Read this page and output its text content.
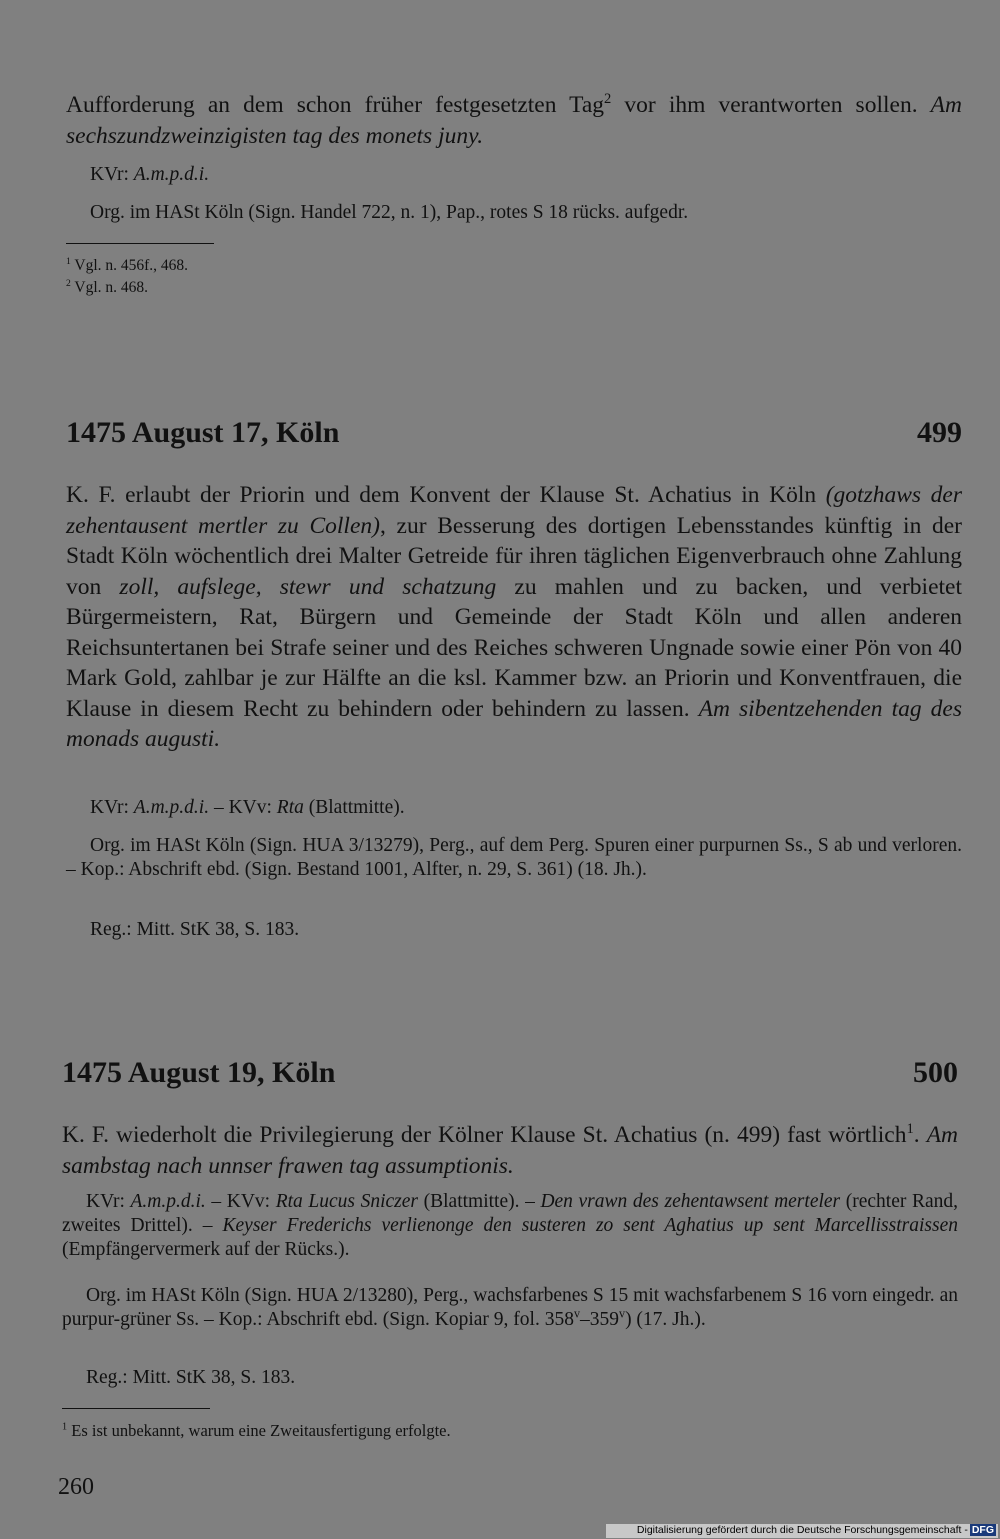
Aufforderung an dem schon früher festgesetzten Tag$^2$ vor ihm verantworten sollen. Am sechszundzweinzigisten tag des monets juny.

KVr: A.m.p.d.i.
Org. im HASt Köln (Sign. Handel 722, n. 1), Pap., rotes S 18 rücks. aufgedr.
$^1$ Vgl. n. 456f., 468.
$^2$ Vgl. n. 468.
1475 August 17, Köln	499

K. F. erlaubt der Priorin und dem Konvent der Klause St. Achatius in Köln (gotzhaws der zehentausent mertler zu Collen), zur Besserung des dortigen Lebensstandes künftig in der Stadt Köln wöchentlich drei Malter Getreide für ihren täglichen Eigenverbrauch ohne Zahlung von zoll, aufslege, stewr und schatzung zu mahlen und zu backen, und verbietet Bürgermeistern, Rat, Bürgern und Gemeinde der Stadt Köln und allen anderen Reichsuntertanen bei Strafe seiner und des Reiches schweren Ungnade sowie einer Pön von 40 Mark Gold, zahlbar je zur Hälfte an die ksl. Kammer bzw. an Priorin und Konventfrauen, die Klause in diesem Recht zu behindern oder behindern zu lassen. Am sibentzehenden tag des monads augusti.

KVr: A.m.p.d.i. – KVv: Rta (Blattmitte).
Org. im HASt Köln (Sign. HUA 3/13279), Perg., auf dem Perg. Spuren einer purpurnen Ss., S ab und verloren. – Kop.: Abschrift ebd. (Sign. Bestand 1001, Alfter, n. 29, S. 361) (18. Jh.).
Reg.: Mitt. StK 38, S. 183.
1475 August 19, Köln	500

K. F. wiederholt die Privilegierung der Kölner Klause St. Achatius (n. 499) fast wörtlich$^1$. Am sambstag nach unnser frawen tag assumptionis.

KVr: A.m.p.d.i. – KVv: Rta Lucus Sniczer (Blattmitte). – Den vrawn des zehentawsent merteler (rechter Rand, zweites Drittel). – Keyser Frederichs verlienonge den susteren zo sent Aghatius up sent Marcellisstraissen (Empfängervermerk auf der Rücks.).
Org. im HASt Köln (Sign. HUA 2/13280), Perg., wachsfarbenes S 15 mit wachsfarbenem S 16 vorn eingedr. an purpur-grüner Ss. – Kop.: Abschrift ebd. (Sign. Kopiar 9, fol. 358$^v$–359$^v$) (17. Jh.).
Reg.: Mitt. StK 38, S. 183.
$^1$ Es ist unbekannt, warum eine Zweitausfertigung erfolgte.
260
Digitalisierung gefördert durch die Deutsche Forschungsgemeinschaft - DFG
